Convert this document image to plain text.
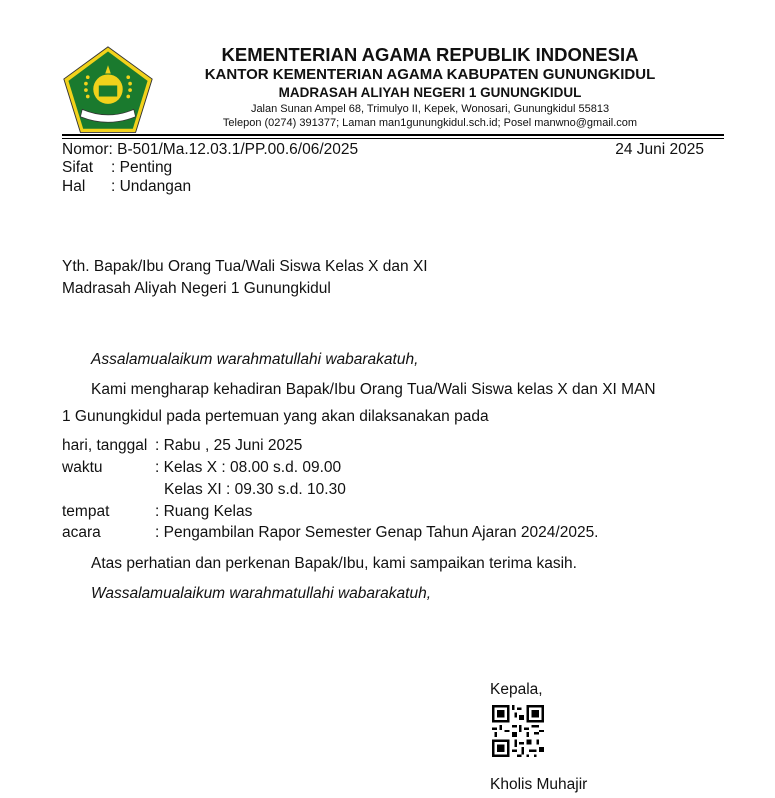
KEMENTERIAN AGAMA REPUBLIK INDONESIA
KANTOR KEMENTERIAN AGAMA KABUPATEN GUNUNGKIDUL
MADRASAH ALIYAH NEGERI 1 GUNUNGKIDUL
Jalan Sunan Ampel 68, Trimulyo II, Kepek, Wonosari, Gunungkidul 55813
Telepon (0274) 391377; Laman man1gunungkidul.sch.id; Posel manwno@gmail.com
Nomor: B-501/Ma.12.03.1/PP.00.6/06/2025	24 Juni 2025
Sifat : Penting
Hal : Undangan
Yth. Bapak/Ibu Orang Tua/Wali Siswa Kelas X dan XI
Madrasah Aliyah Negeri 1 Gunungkidul
Assalamualaikum warahmatullahi wabarakatuh,
Kami mengharap kehadiran Bapak/Ibu Orang Tua/Wali Siswa kelas X dan XI MAN
1 Gunungkidul pada pertemuan yang akan dilaksanakan pada
hari, tanggal : Rabu , 25 Juni 2025
waktu	: Kelas X : 08.00 s.d. 09.00
Kelas XI : 09.30 s.d. 10.30
tempat	: Ruang Kelas
acara	: Pengambilan Rapor Semester Genap Tahun Ajaran 2024/2025.
Atas perhatian dan perkenan Bapak/Ibu, kami sampaikan terima kasih.
Wassalamualaikum warahmatullahi wabarakatuh,
Kepala,
Kholis Muhajir
